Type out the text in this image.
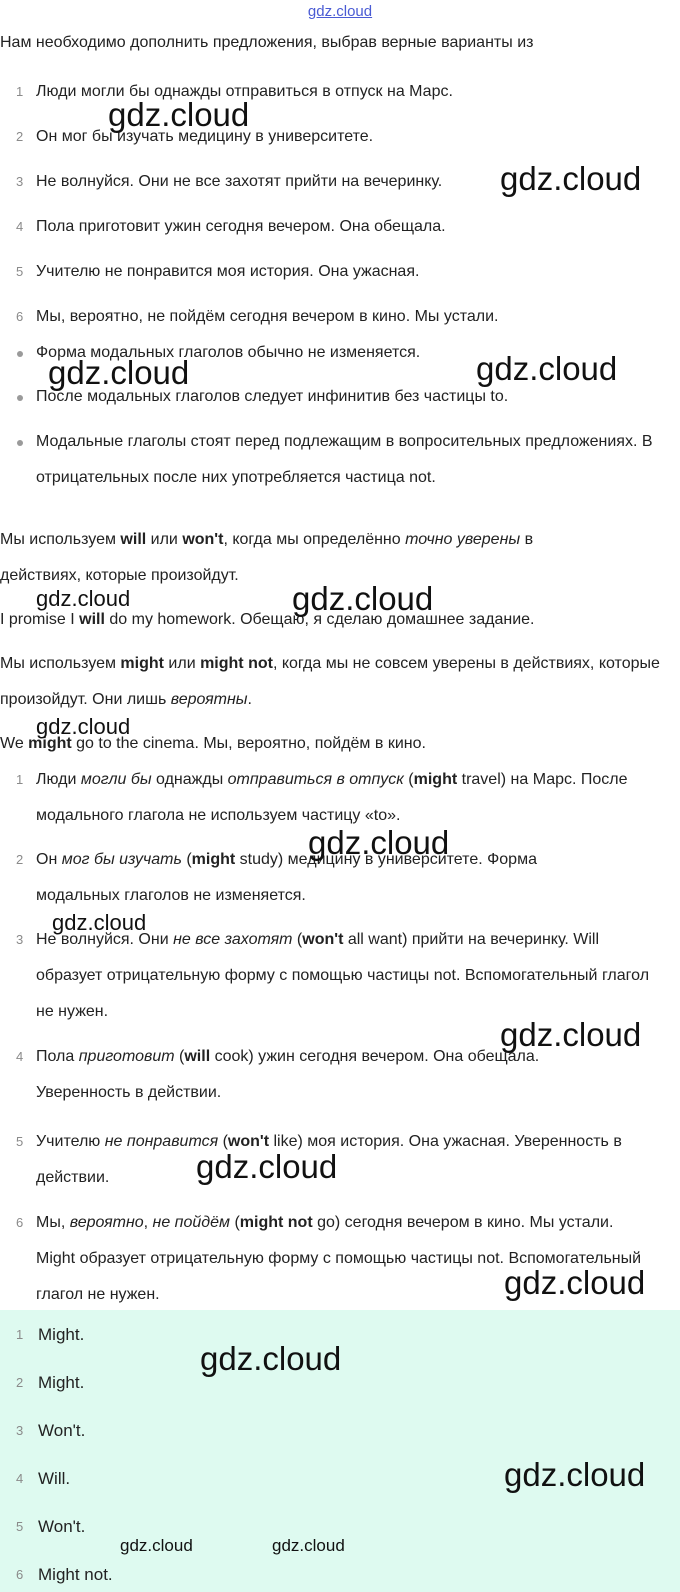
gdz.cloud
Нам необходимо дополнить предложения, выбрав верные варианты из
1 Люди могли бы однажды отправиться в отпуск на Марс.
2 Он мог бы изучать медицину в университете.
3 Не волнуйся. Они не все захотят прийти на вечеринку.
4 Пола приготовит ужин сегодня вечером. Она обещала.
5 Учителю не понравится моя история. Она ужасная.
6 Мы, вероятно, не пойдём сегодня вечером в кино. Мы устали.
Форма модальных глаголов обычно не изменяется.
После модальных глаголов следует инфинитив без частицы to.
Модальные глаголы стоят перед подлежащим в вопросительных предложениях. В отрицательных после них употребляется частица not.

Мы используем will или won't, когда мы определённо точно уверены в действиях, которые произойдут.

I promise I will do my homework. Обещаю, я сделаю домашнее задание.

Мы используем might или might not, когда мы не совсем уверены в действиях, которые произойдут. Они лишь вероятны.

We might go to the cinema. Мы, вероятно, пойдём в кино.

1 Люди могли бы однажды отправиться в отпуск (might travel) на Марс. После модального глагола не используем частицу «to».
2 Он мог бы изучать (might study) медицину в университете. Форма модальных глаголов не изменяется.
3 Не волнуйся. Они не все захотят (won't all want) прийти на вечеринку. Will образует отрицательную форму с помощью частицы not. Вспомогательный глагол не нужен.
4 Пола приготовит (will cook) ужин сегодня вечером. Она обещала. Уверенность в действии.
5 Учителю не понравится (won't like) моя история. Она ужасная. Уверенность в действии.
6 Мы, вероятно, не пойдём (might not go) сегодня вечером в кино. Мы устали. Might образует отрицательную форму с помощью частицы not. Вспомогательный глагол не нужен.
1 Might.
2 Might.
3 Won't.
4 Will.
5 Won't.
6 Might not.
gdz.cloud
gdz.cloud
gdz.cloud	gdz.cloud
gdz.cloud	gdz.cloud
gdz.cloud
gdz.cloud
gdz.cloud
gdz.cloud
gdz.cloud
gdz.cloud
gdz.cloud
gdz.cloud
gdz.cloud	gdz.cloud
